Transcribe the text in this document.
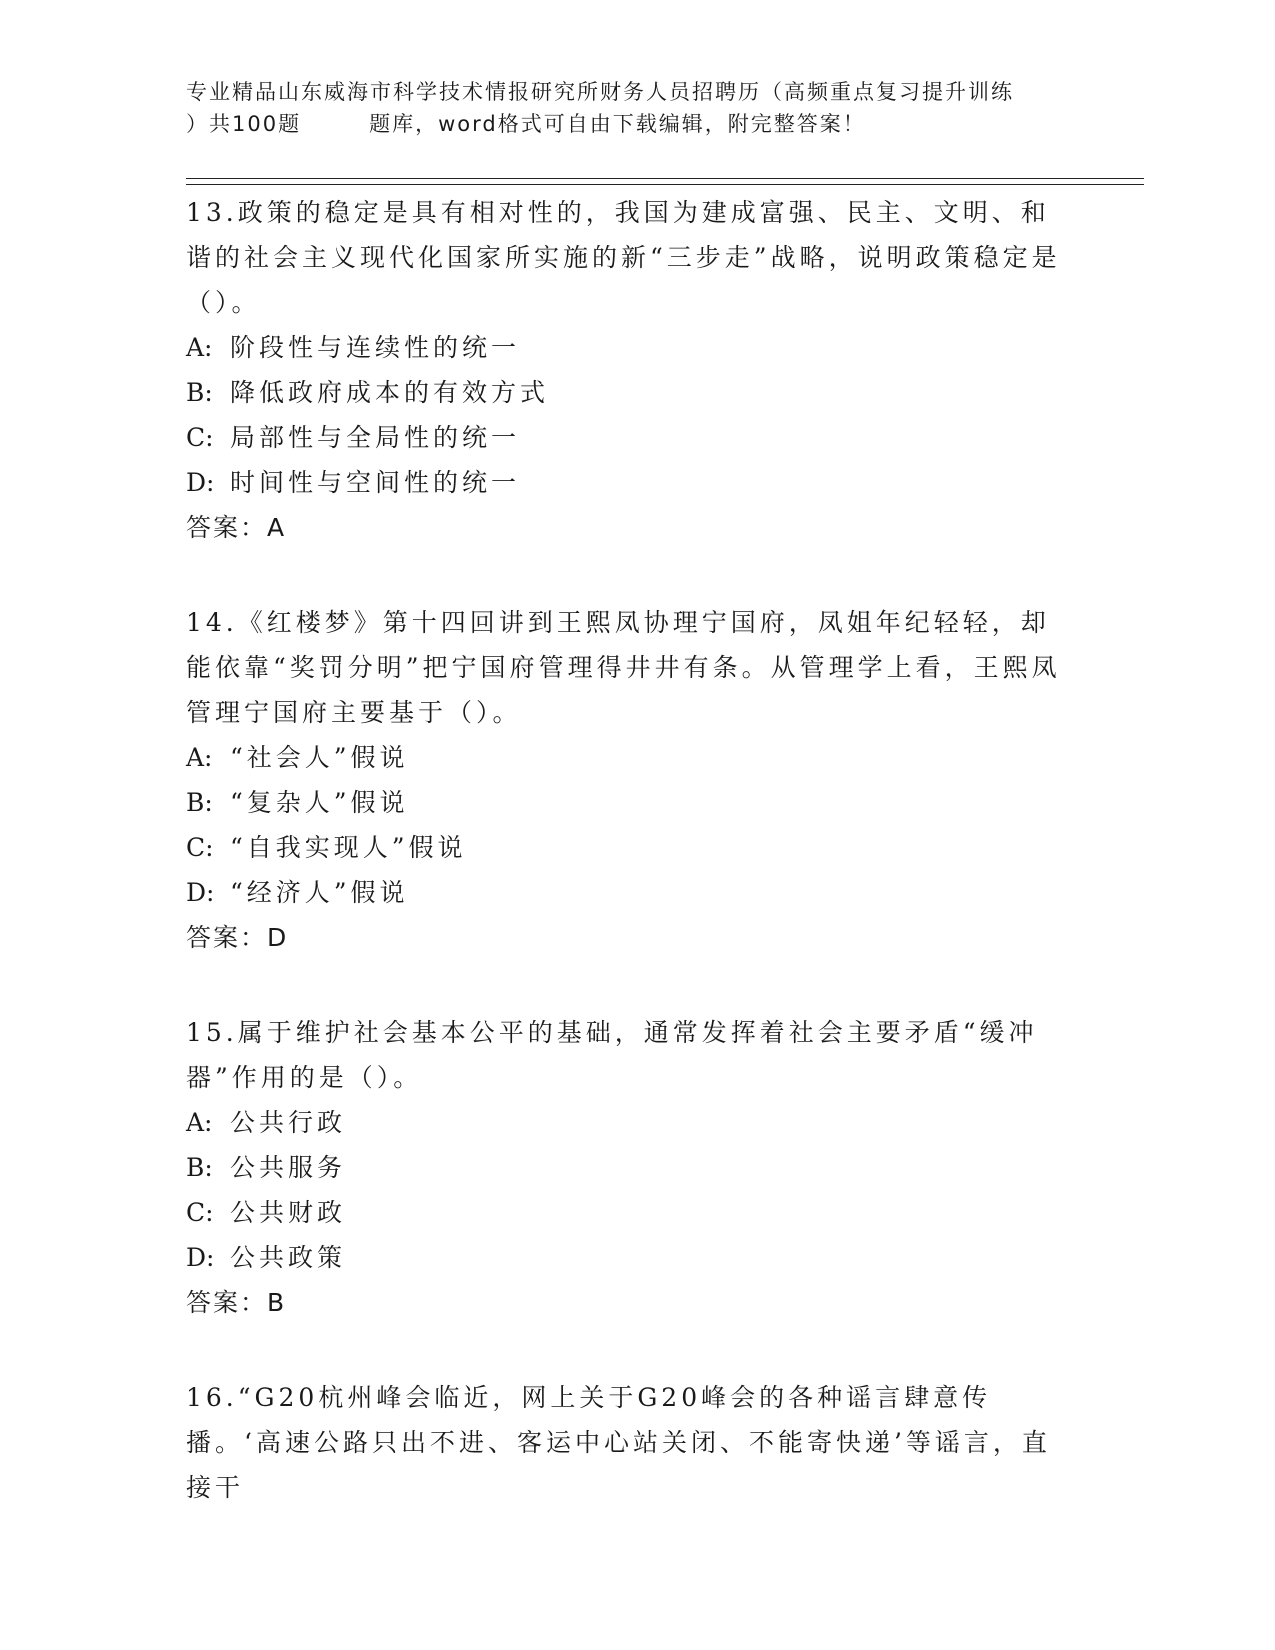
专业精品山东威海市科学技术情报研究所财务人员招聘历（高频重点复习提升训练
）共100题	题库，word格式可自由下载编辑，附完整答案！

13.政策的稳定是具有相对性的，我国为建成富强、民主、文明、和谐的社会主义现代化国家所实施的新“三步走”战略，说明政策稳定是（）。

A: 阶段性与连续性的统一

B: 降低政府成本的有效方式

C: 局部性与全局性的统一

D: 时间性与空间性的统一

答案：A

14.《红楼梦》第十四回讲到王熙凤协理宁国府，凤姐年纪轻轻，却能依靠“奖罚分明”把宁国府管理得井井有条。从管理学上看，王熙凤管理宁国府主要基于（）。

A: “社会人”假说

B: “复杂人”假说

C: “自我实现人”假说

D: “经济人”假说

答案：D

15.属于维护社会基本公平的基础，通常发挥着社会主要矛盾“缓冲器”作用的是（）。

A: 公共行政

B: 公共服务

C: 公共财政

D: 公共政策

答案：B

16.“G20杭州峰会临近，网上关于G20峰会的各种谣言肆意传播。‘高速公路只出不进、客运中心站关闭、不能寄快递’等谣言，直接干
